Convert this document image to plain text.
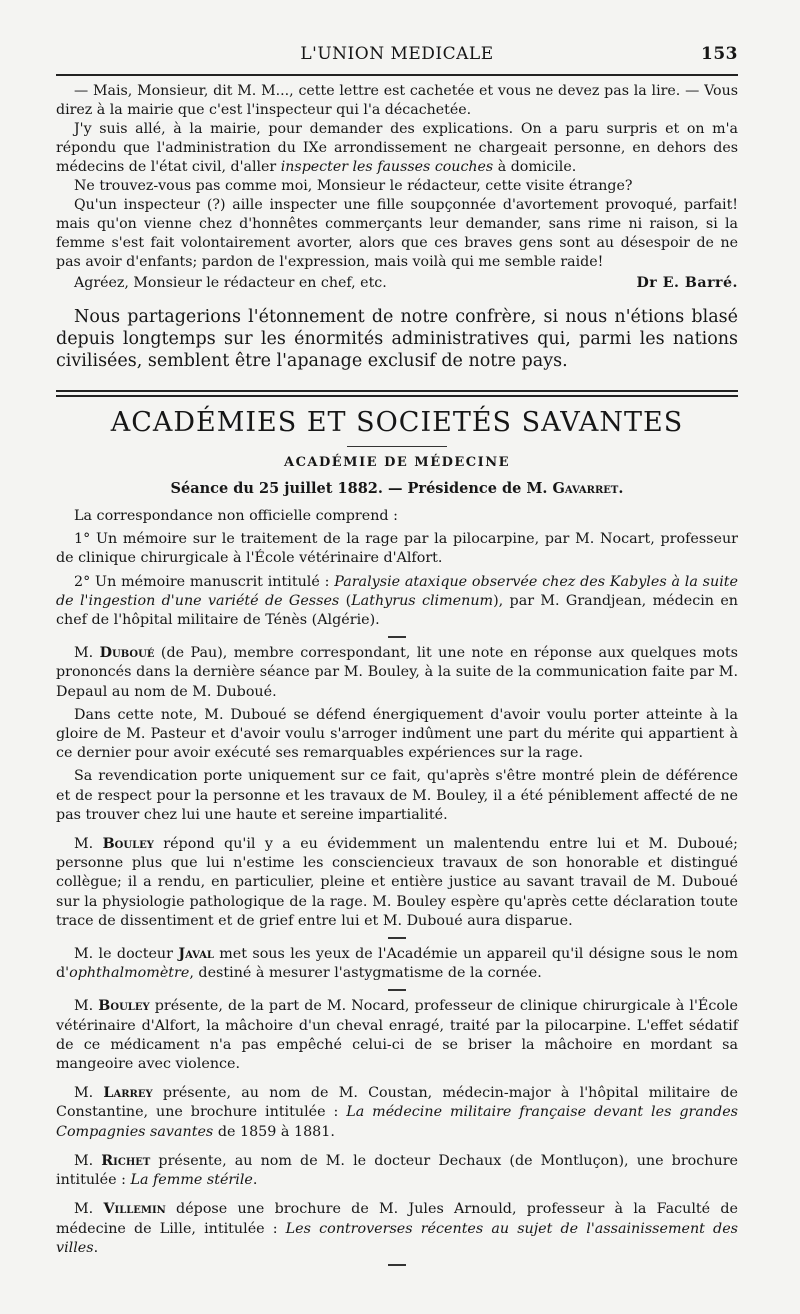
L'UNION MEDICALE	153

— Mais, Monsieur, dit M. M..., cette lettre est cachetée et vous ne devez pas la lire. — Vous direz à la mairie que c'est l'inspecteur qui l'a décachetée.

J'y suis allé, à la mairie, pour demander des explications. On a paru surpris et on m'a répondu que l'administration du IXe arrondissement ne chargeait personne, en dehors des médecins de l'état civil, d'aller inspecter les fausses couches à domicile.

Ne trouvez-vous pas comme moi, Monsieur le rédacteur, cette visite étrange?

Qu'un inspecteur (?) aille inspecter une fille soupçonnée d'avortement provoqué, parfait! mais qu'on vienne chez d'honnêtes commerçants leur demander, sans rime ni raison, si la femme s'est fait volontairement avorter, alors que ces braves gens sont au désespoir de ne pas avoir d'enfants; pardon de l'expression, mais voilà qui me semble raide!

Agréez, Monsieur le rédacteur en chef, etc.	Dr E. Barré.

Nous partagerions l'étonnement de notre confrère, si nous n'étions blasé depuis longtemps sur les énormités administratives qui, parmi les nations civilisées, semblent être l'apanage exclusif de notre pays.

ACADÉMIES ET SOCIETÉS SAVANTES
ACADÉMIE DE MÉDECINE
Séance du 25 juillet 1882. — Présidence de M. Gavarret.

La correspondance non officielle comprend :

1° Un mémoire sur le traitement de la rage par la pilocarpine, par M. Nocart, professeur de clinique chirurgicale à l'École vétérinaire d'Alfort.

2° Un mémoire manuscrit intitulé : Paralysie ataxique observée chez des Kabyles à la suite de l'ingestion d'une variété de Gesses (Lathyrus climenum), par M. Grandjean, médecin en chef de l'hôpital militaire de Ténès (Algérie).

M. Duboué (de Pau), membre correspondant, lit une note en réponse aux quelques mots prononcés dans la dernière séance par M. Bouley, à la suite de la communication faite par M. Depaul au nom de M. Duboué.

Dans cette note, M. Duboué se défend énergiquement d'avoir voulu porter atteinte à la gloire de M. Pasteur et d'avoir voulu s'arroger indûment une part du mérite qui appartient à ce dernier pour avoir exécuté ses remarquables expériences sur la rage.

Sa revendication porte uniquement sur ce fait, qu'après s'être montré plein de déférence et de respect pour la personne et les travaux de M. Bouley, il a été péniblement affecté de ne pas trouver chez lui une haute et sereine impartialité.

M. Bouley répond qu'il y a eu évidemment un malentendu entre lui et M. Duboué; personne plus que lui n'estime les consciencieux travaux de son honorable et distingué collègue; il a rendu, en particulier, pleine et entière justice au savant travail de M. Duboué sur la physiologie pathologique de la rage. M. Bouley espère qu'après cette déclaration toute trace de dissentiment et de grief entre lui et M. Duboué aura disparue.

M. le docteur Javal met sous les yeux de l'Académie un appareil qu'il désigne sous le nom d'ophthalmomètre, destiné à mesurer l'astygmatisme de la cornée.

M. Bouley présente, de la part de M. Nocard, professeur de clinique chirurgicale à l'École vétérinaire d'Alfort, la mâchoire d'un cheval enragé, traité par la pilocarpine. L'effet sédatif de ce médicament n'a pas empêché celui-ci de se briser la mâchoire en mordant sa mangeoire avec violence.

M. Larrey présente, au nom de M. Coustan, médecin-major à l'hôpital militaire de Constantine, une brochure intitulée : La médecine militaire française devant les grandes Compagnies savantes de 1859 à 1881.

M. Richet présente, au nom de M. le docteur Dechaux (de Montluçon), une brochure intitulée : La femme stérile.

M. Villemin dépose une brochure de M. Jules Arnould, professeur à la Faculté de médecine de Lille, intitulée : Les controverses récentes au sujet de l'assainissement des villes.
